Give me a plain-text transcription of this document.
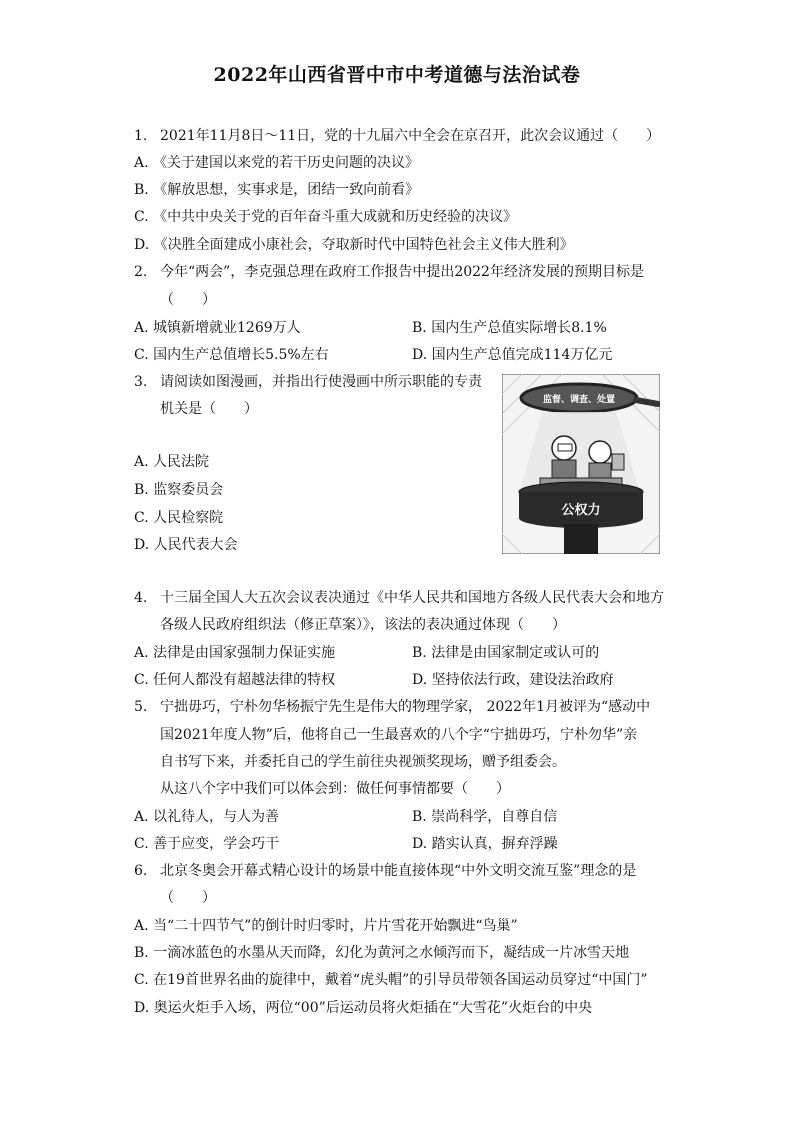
2022年山西省晋中市中考道德与法治试卷
1. 2021年11月8日～11日，党的十九届六中全会在京召开，此次会议通过（　　）
A. 《关于建国以来党的若干历史问题的决议》
B. 《解放思想，实事求是，团结一致向前看》
C. 《中共中央关于党的百年奋斗重大成就和历史经验的决议》
D. 《决胜全面建成小康社会，夺取新时代中国特色社会主义伟大胜利》
2. 今年“两会”，李克强总理在政府工作报告中提出2022年经济发展的预期目标是
（　　）
A. 城镇新增就业1269万人	B. 国内生产总值实际增长8.1%
C. 国内生产总值增长5.5%左右	D. 国内生产总值完成114万亿元
3. 请阅读如图漫画，并指出行使漫画中所示职能的专责
机关是（　　）
A. 人民法院
B. 监察委员会
C. 人民检察院
D. 人民代表大会
监督、调查、处置
公权力
4. 十三届全国人大五次会议表决通过《中华人民共和国地方各级人民代表大会和地方
各级人民政府组织法（修正草案）》，该法的表决通过体现（　　）
A. 法律是由国家强制力保证实施	B. 法律是由国家制定或认可的
C. 任何人都没有超越法律的特权	D. 坚持依法行政，建设法治政府
5. 宁拙毋巧，宁朴勿华杨振宁先生是伟大的物理学家， 2022年1月被评为“感动中
国2021年度人物”后，他将自己一生最喜欢的八个字“宁拙毋巧，宁朴勿华”亲
自书写下来，并委托自己的学生前往央视颁奖现场，赠予组委会。
从这八个字中我们可以体会到：做任何事情都要（　　）
A. 以礼待人，与人为善	B. 崇尚科学，自尊自信
C. 善于应变，学会巧干	D. 踏实认真，摒弃浮躁
6. 北京冬奥会开幕式精心设计的场景中能直接体现“中外文明交流互鉴”理念的是
（　　）
A. 当“二十四节气”的倒计时归零时，片片雪花开始飘进“鸟巢”
B. 一滴冰蓝色的水墨从天而降，幻化为黄河之水倾泻而下，凝结成一片冰雪天地
C. 在19首世界名曲的旋律中，戴着“虎头帽”的引导员带领各国运动员穿过“中国门”
D. 奥运火炬手入场，两位“00”后运动员将火炬插在“大雪花”火炬台的中央
